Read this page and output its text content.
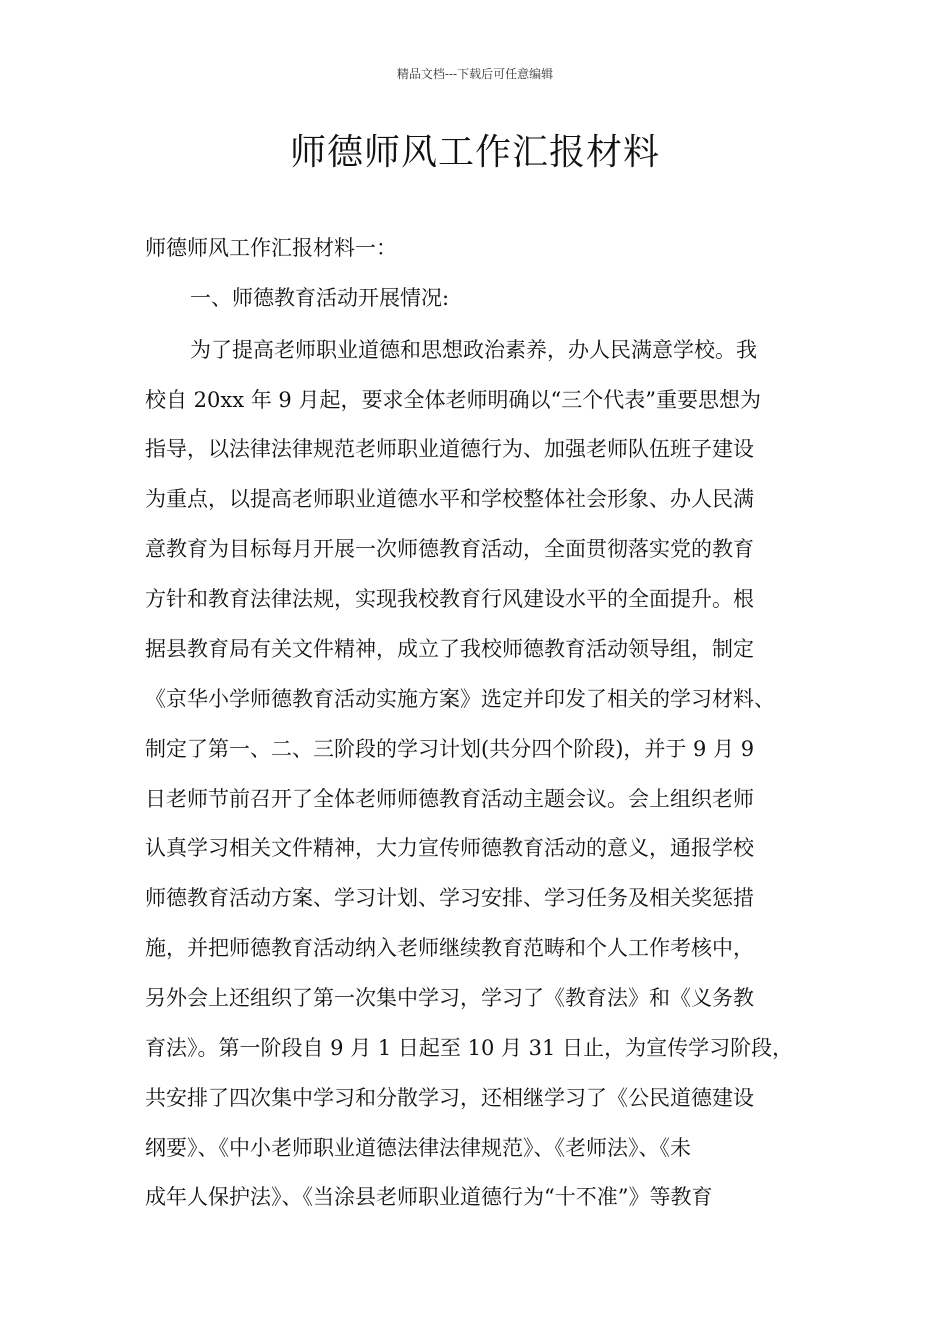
精品文档---下载后可任意编辑
师德师风工作汇报材料
师德师风工作汇报材料一：
一、师德教育活动开展情况:
为了提高老师职业道德和思想政治素养，办人民满意学校。我
校自 20xx 年 9 月起，要求全体老师明确以“三个代表”重要思想为
指导，以法律法律规范老师职业道德行为、加强老师队伍班子建设
为重点，以提高老师职业道德水平和学校整体社会形象、办人民满
意教育为目标每月开展一次师德教育活动，全面贯彻落实党的教育
方针和教育法律法规，实现我校教育行风建设水平的全面提升。根
据县教育局有关文件精神，成立了我校师德教育活动领导组，制定
《京华小学师德教育活动实施方案》选定并印发了相关的学习材料、
制定了第一、二、三阶段的学习计划(共分四个阶段)，并于 9 月 9
日老师节前召开了全体老师师德教育活动主题会议。会上组织老师
认真学习相关文件精神，大力宣传师德教育活动的意义，通报学校
师德教育活动方案、学习计划、学习安排、学习任务及相关奖惩措
施，并把师德教育活动纳入老师继续教育范畴和个人工作考核中，
另外会上还组织了第一次集中学习，学习了《教育法》和《义务教
育法》。第一阶段自 9 月 1 日起至 10 月 31 日止，为宣传学习阶段，
共安排了四次集中学习和分散学习，还相继学习了《公民道德建设
纲要》、《中小老师职业道德法律法律规范》、《老师法》、《未
成年人保护法》、《当涂县老师职业道德行为“十不准”》等教育
